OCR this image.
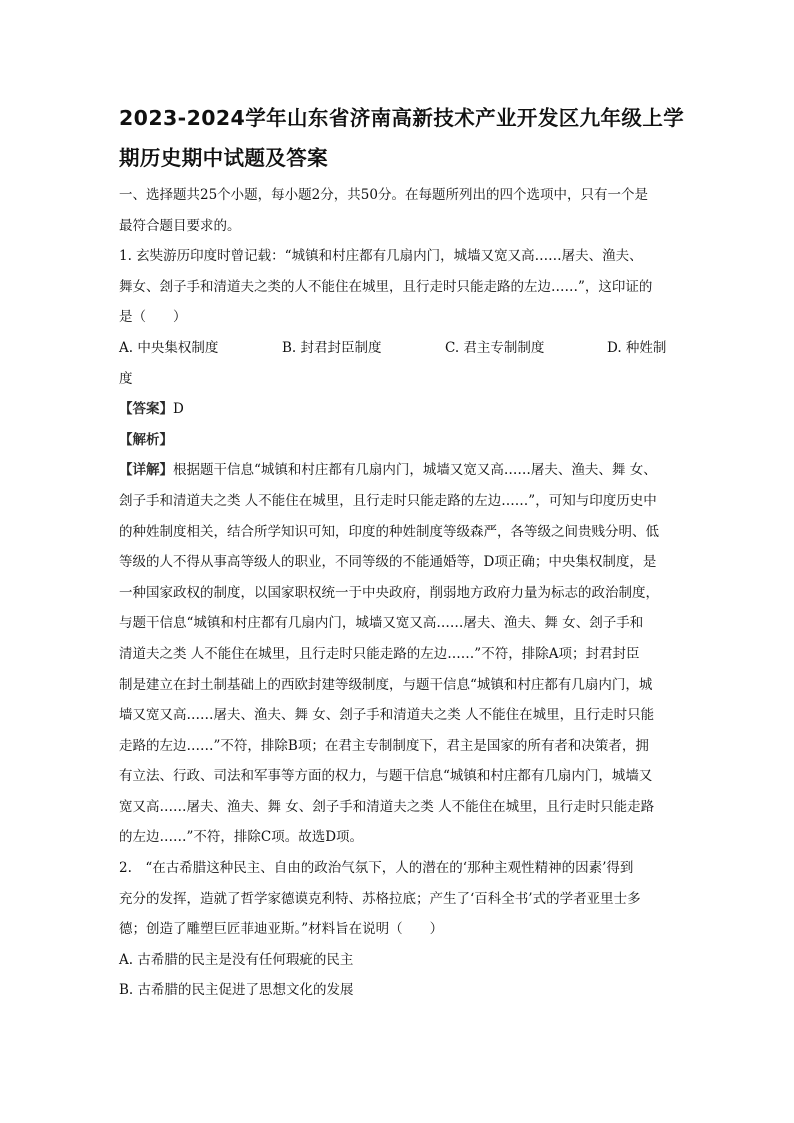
2023-2024学年山东省济南高新技术产业开发区九年级上学
期历史期中试题及答案

一、选择题共25个小题，每小题2分，共50分。在每题所列出的四个选项中，只有一个是

最符合题目要求的。

1. 玄奘游历印度时曾记载：“城镇和村庄都有几扇内门，城墙又宽又高……屠夫、渔夫、

舞女、刽子手和清道夫之类的人不能住在城里，且行走时只能走路的左边……”，这印证的

是（　　）

A. 中央集权制度	B. 封君封臣制度	C. 君主专制制度	D. 种姓制

度

【答案】D

【解析】

【详解】根据题干信息“城镇和村庄都有几扇内门，城墙又宽又高……屠夫、渔夫、舞 女、

刽子手和清道夫之类 人不能住在城里，且行走时只能走路的左边……”，可知与印度历史中

的种姓制度相关，结合所学知识可知，印度的种姓制度等级森严，各等级之间贵贱分明、低

等级的人不得从事高等级人的职业，不同等级的不能通婚等，D项正确；中央集权制度，是

一种国家政权的制度，以国家职权统一于中央政府，削弱地方政府力量为标志的政治制度，

与题干信息“城镇和村庄都有几扇内门，城墙又宽又高……屠夫、渔夫、舞 女、刽子手和

清道夫之类 人不能住在城里，且行走时只能走路的左边……”不符，排除A项；封君封臣

制是建立在封土制基础上的西欧封建等级制度，与题干信息“城镇和村庄都有几扇内门，城

墙又宽又高……屠夫、渔夫、舞 女、刽子手和清道夫之类 人不能住在城里，且行走时只能

走路的左边……”不符，排除B项；在君主专制制度下，君主是国家的所有者和决策者，拥

有立法、行政、司法和军事等方面的权力，与题干信息“城镇和村庄都有几扇内门，城墙又

宽又高……屠夫、渔夫、舞 女、刽子手和清道夫之类 人不能住在城里，且行走时只能走路

的左边……”不符，排除C项。故选D项。

2.　“在古希腊这种民主、自由的政治气氛下，人的潜在的‘那种主观性精神的因素’得到

充分的发挥，造就了哲学家德谟克利特、苏格拉底；产生了‘百科全书’式的学者亚里士多

德；创造了雕塑巨匠菲迪亚斯。”材料旨在说明（　　）

A. 古希腊的民主是没有任何瑕疵的民主

B. 古希腊的民主促进了思想文化的发展
